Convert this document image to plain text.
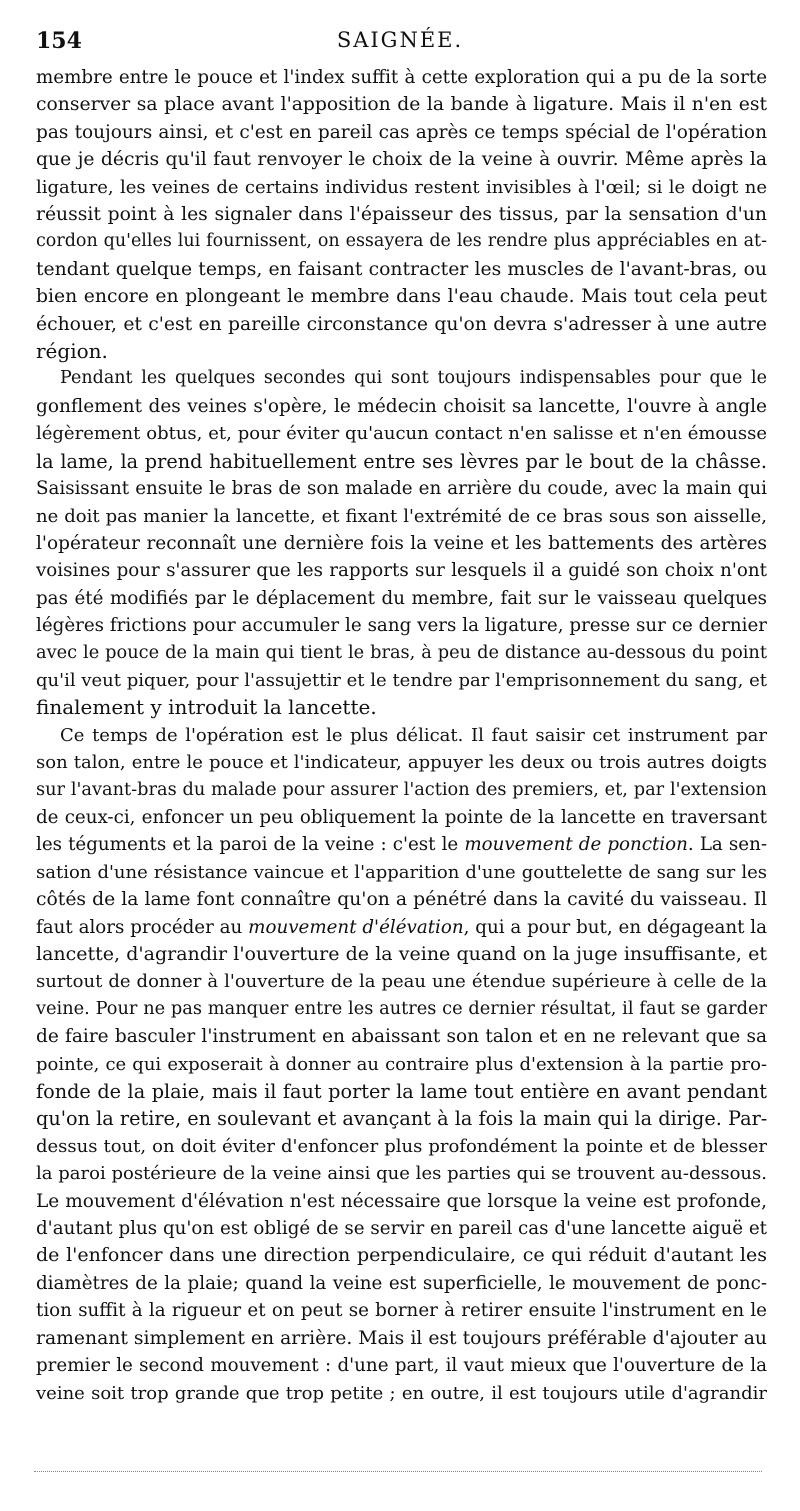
154	SAIGNÉE.
membre entre le pouce et l'index suffit à cette exploration qui a pu de la sorte
conserver sa place avant l'apposition de la bande à ligature. Mais il n'en est
pas toujours ainsi, et c'est en pareil cas après ce temps spécial de l'opération
que je décris qu'il faut renvoyer le choix de la veine à ouvrir. Même après la
ligature, les veines de certains individus restent invisibles à l'œil; si le doigt ne
réussit point à les signaler dans l'épaisseur des tissus, par la sensation d'un
cordon qu'elles lui fournissent, on essayera de les rendre plus appréciables en at-
tendant quelque temps, en faisant contracter les muscles de l'avant-bras, ou
bien encore en plongeant le membre dans l'eau chaude. Mais tout cela peut
échouer, et c'est en pareille circonstance qu'on devra s'adresser à une autre
région.
Pendant les quelques secondes qui sont toujours indispensables pour que le
gonflement des veines s'opère, le médecin choisit sa lancette, l'ouvre à angle
légèrement obtus, et, pour éviter qu'aucun contact n'en salisse et n'en émousse
la lame, la prend habituellement entre ses lèvres par le bout de la châsse.
Saisissant ensuite le bras de son malade en arrière du coude, avec la main qui
ne doit pas manier la lancette, et fixant l'extrémité de ce bras sous son aisselle,
l'opérateur reconnaît une dernière fois la veine et les battements des artères
voisines pour s'assurer que les rapports sur lesquels il a guidé son choix n'ont
pas été modifiés par le déplacement du membre, fait sur le vaisseau quelques
légères frictions pour accumuler le sang vers la ligature, presse sur ce dernier
avec le pouce de la main qui tient le bras, à peu de distance au-dessous du point
qu'il veut piquer, pour l'assujettir et le tendre par l'emprisonnement du sang, et
finalement y introduit la lancette.
Ce temps de l'opération est le plus délicat. Il faut saisir cet instrument par
son talon, entre le pouce et l'indicateur, appuyer les deux ou trois autres doigts
sur l'avant-bras du malade pour assurer l'action des premiers, et, par l'extension
de ceux-ci, enfoncer un peu obliquement la pointe de la lancette en traversant
les téguments et la paroi de la veine : c'est le mouvement de ponction. La sen-
sation d'une résistance vaincue et l'apparition d'une gouttelette de sang sur les
côtés de la lame font connaître qu'on a pénétré dans la cavité du vaisseau. Il
faut alors procéder au mouvement d'élévation, qui a pour but, en dégageant la
lancette, d'agrandir l'ouverture de la veine quand on la juge insuffisante, et
surtout de donner à l'ouverture de la peau une étendue supérieure à celle de la
veine. Pour ne pas manquer entre les autres ce dernier résultat, il faut se garder
de faire basculer l'instrument en abaissant son talon et en ne relevant que sa
pointe, ce qui exposerait à donner au contraire plus d'extension à la partie pro-
fonde de la plaie, mais il faut porter la lame tout entière en avant pendant
qu'on la retire, en soulevant et avançant à la fois la main qui la dirige. Par-
dessus tout, on doit éviter d'enfoncer plus profondément la pointe et de blesser
la paroi postérieure de la veine ainsi que les parties qui se trouvent au-dessous.
Le mouvement d'élévation n'est nécessaire que lorsque la veine est profonde,
d'autant plus qu'on est obligé de se servir en pareil cas d'une lancette aiguë et
de l'enfoncer dans une direction perpendiculaire, ce qui réduit d'autant les
diamètres de la plaie; quand la veine est superficielle, le mouvement de ponc-
tion suffit à la rigueur et on peut se borner à retirer ensuite l'instrument en le
ramenant simplement en arrière. Mais il est toujours préférable d'ajouter au
premier le second mouvement : d'une part, il vaut mieux que l'ouverture de la
veine soit trop grande que trop petite ; en outre, il est toujours utile d'agrandir
